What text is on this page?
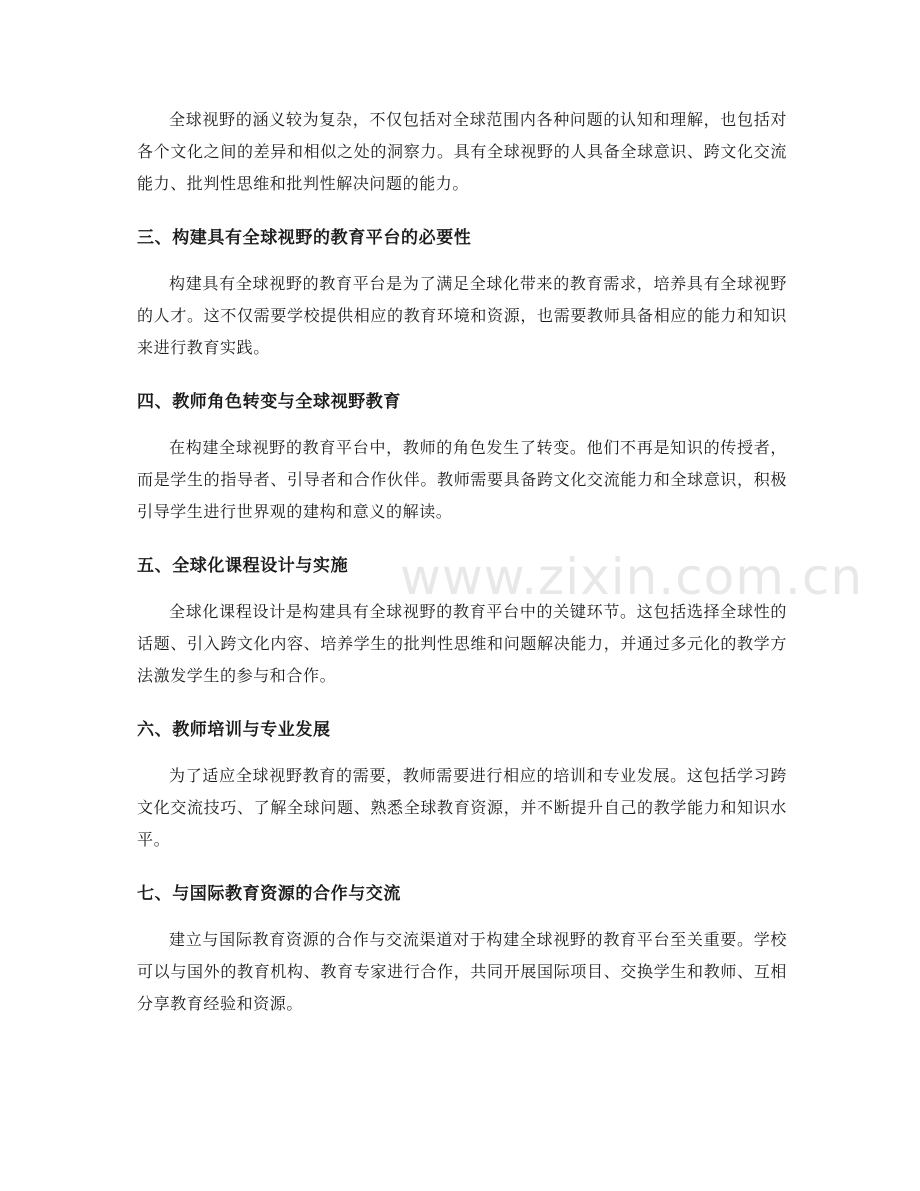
全球视野的涵义较为复杂，不仅包括对全球范围内各种问题的认知和理解，也包括对各个文化之间的差异和相似之处的洞察力。具有全球视野的人具备全球意识、跨文化交流能力、批判性思维和批判性解决问题的能力。

三、构建具有全球视野的教育平台的必要性

构建具有全球视野的教育平台是为了满足全球化带来的教育需求，培养具有全球视野的人才。这不仅需要学校提供相应的教育环境和资源，也需要教师具备相应的能力和知识来进行教育实践。

四、教师角色转变与全球视野教育

在构建全球视野的教育平台中，教师的角色发生了转变。他们不再是知识的传授者，而是学生的指导者、引导者和合作伙伴。教师需要具备跨文化交流能力和全球意识，积极引导学生进行世界观的建构和意义的解读。

五、全球化课程设计与实施

全球化课程设计是构建具有全球视野的教育平台中的关键环节。这包括选择全球性的话题、引入跨文化内容、培养学生的批判性思维和问题解决能力，并通过多元化的教学方法激发学生的参与和合作。

六、教师培训与专业发展

为了适应全球视野教育的需要，教师需要进行相应的培训和专业发展。这包括学习跨文化交流技巧、了解全球问题、熟悉全球教育资源，并不断提升自己的教学能力和知识水平。

七、与国际教育资源的合作与交流

建立与国际教育资源的合作与交流渠道对于构建全球视野的教育平台至关重要。学校可以与国外的教育机构、教育专家进行合作，共同开展国际项目、交换学生和教师、互相分享教育经验和资源。

www.zixin.com.cn
